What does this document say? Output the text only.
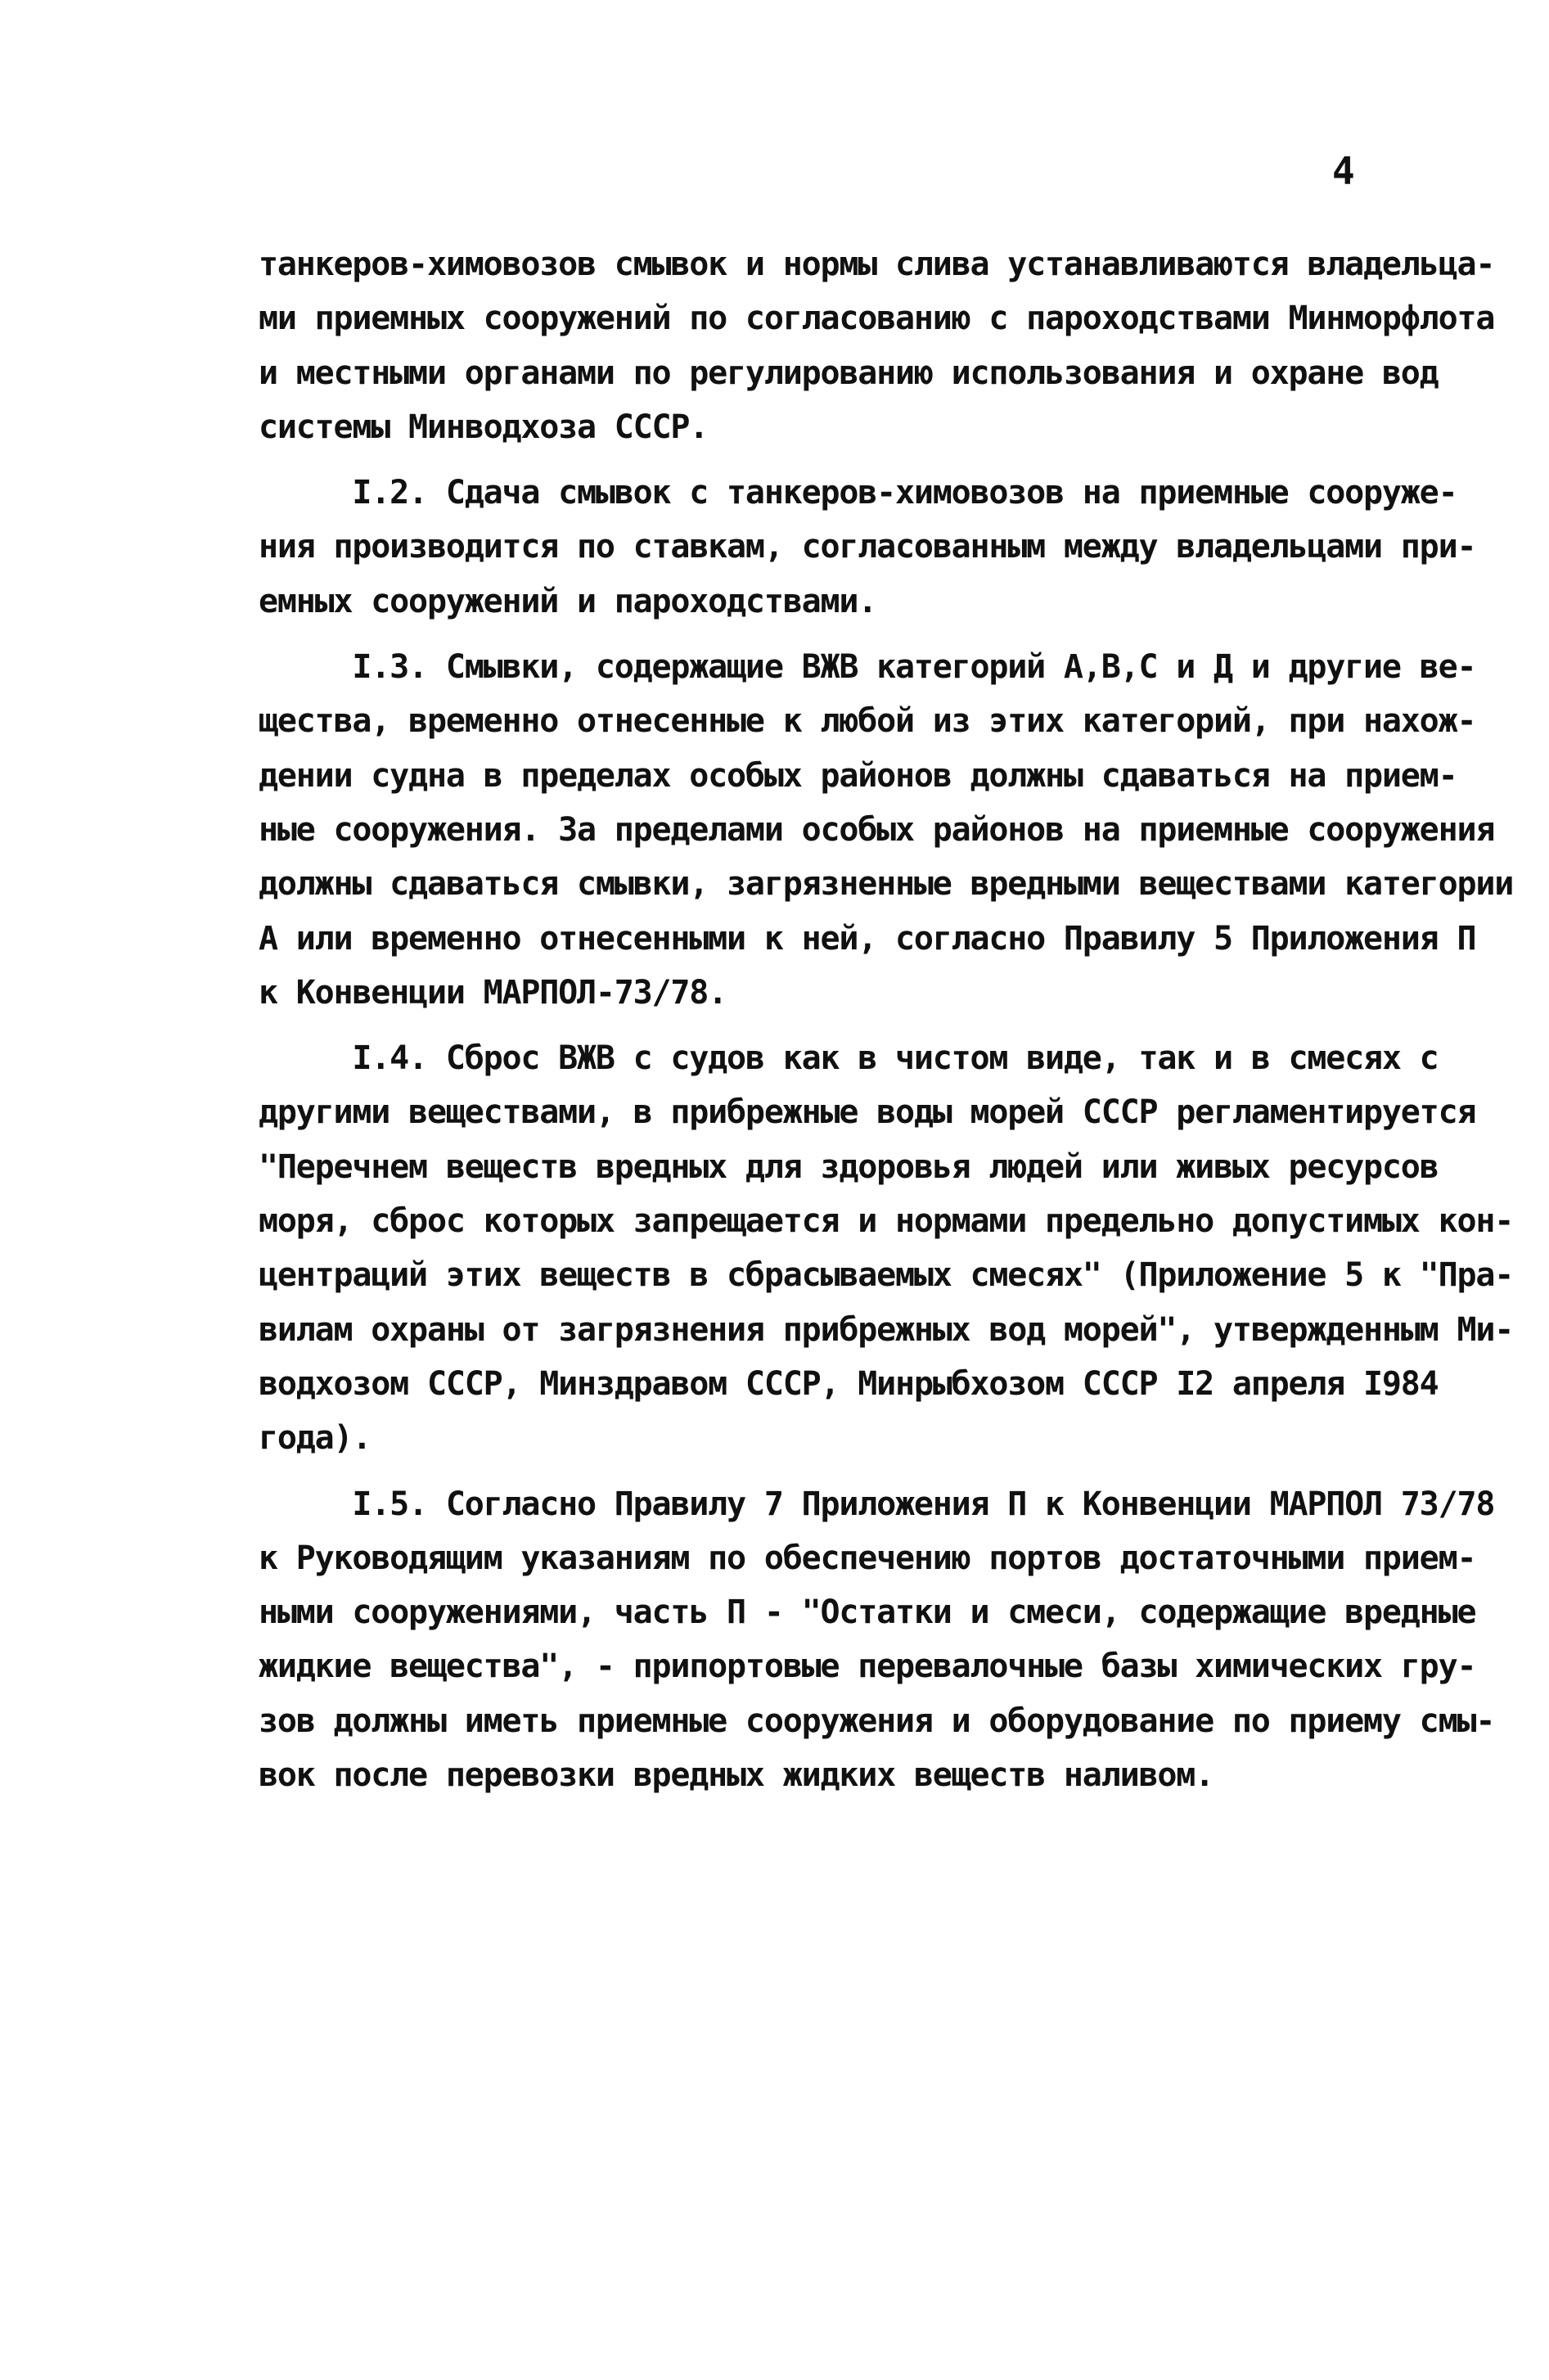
4
танкеров-химовозов смывок и нормы слива устанавливаются владельца-
ми приемных сооружений по согласованию с пароходствами Минморфлота
и местными органами по регулированию использования и охране вод
системы Минводхоза СССР.
I.2. Сдача смывок с танкеров-химовозов на приемные сооруже-
ния производится по ставкам, согласованным между владельцами при-
емных сооружений и пароходствами.
I.3. Смывки, содержащие ВЖВ категорий А,В,С и Д и другие ве-
щества, временно отнесенные к любой из этих категорий, при нахож-
дении судна в пределах особых районов должны сдаваться на прием-
ные сооружения. За пределами особых районов на приемные сооружения
должны сдаваться смывки, загрязненные вредными веществами категории
А или временно отнесенными к ней, согласно Правилу 5 Приложения П
к Конвенции МАРПОЛ-73/78.
I.4. Сброс ВЖВ с судов как в чистом виде, так и в смесях с
другими веществами, в прибрежные воды морей СССР регламентируется
"Перечнем веществ вредных для здоровья людей или живых ресурсов
моря, сброс которых запрещается и нормами предельно допустимых кон-
центраций этих веществ в сбрасываемых смесях" (Приложение 5 к "Пра-
вилам охраны от загрязнения прибрежных вод морей", утвержденным Ми-
водхозом СССР, Минздравом СССР, Минрыбхозом СССР I2 апреля I984
года).
I.5. Согласно Правилу 7 Приложения П к Конвенции МАРПОЛ 73/78
к Руководящим указаниям по обеспечению портов достаточными прием-
ными сооружениями, часть П - "Остатки и смеси, содержащие вредные
жидкие вещества", - припортовые перевалочные базы химических гру-
зов должны иметь приемные сооружения и оборудование по приему смы-
вок после перевозки вредных жидких веществ наливом.
